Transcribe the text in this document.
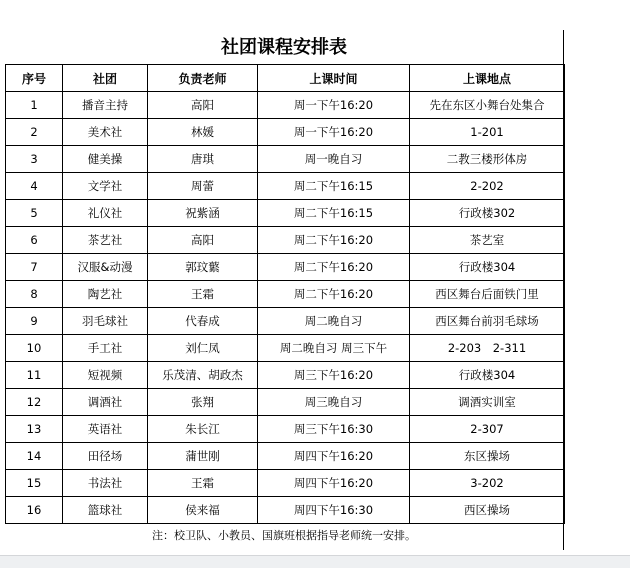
社团课程安排表
序号	社团	负责老师	上课时间	上课地点
1	播音主持	高阳	周一下午16:20	先在东区小舞台处集合
2	美术社	林媛	周一下午16:20	1-201
3	健美操	唐琪	周一晚自习	二教三楼形体房
4	文学社	周蕾	周二下午16:15	2-202
5	礼仪社	祝紫涵	周二下午16:15	行政楼302
6	茶艺社	高阳	周二下午16:20	茶艺室
7	汉服&动漫	郭玟蘩	周二下午16:20	行政楼304
8	陶艺社	王霜	周二下午16:20	西区舞台后面铁门里
9	羽毛球社	代春成	周二晚自习	西区舞台前羽毛球场
10	手工社	刘仁凤	周二晚自习 周三下午	2-203　2-311
11	短视频	乐茂清、胡政杰	周三下午16:20	行政楼304
12	调酒社	张翔	周三晚自习	调酒实训室
13	英语社	朱长江	周三下午16:30	2-307
14	田径场	蒲世刚	周四下午16:20	东区操场
15	书法社	王霜	周四下午16:20	3-202
16	篮球社	侯来福	周四下午16:30	西区操场
注：校卫队、小教员、国旗班根据指导老师统一安排。
